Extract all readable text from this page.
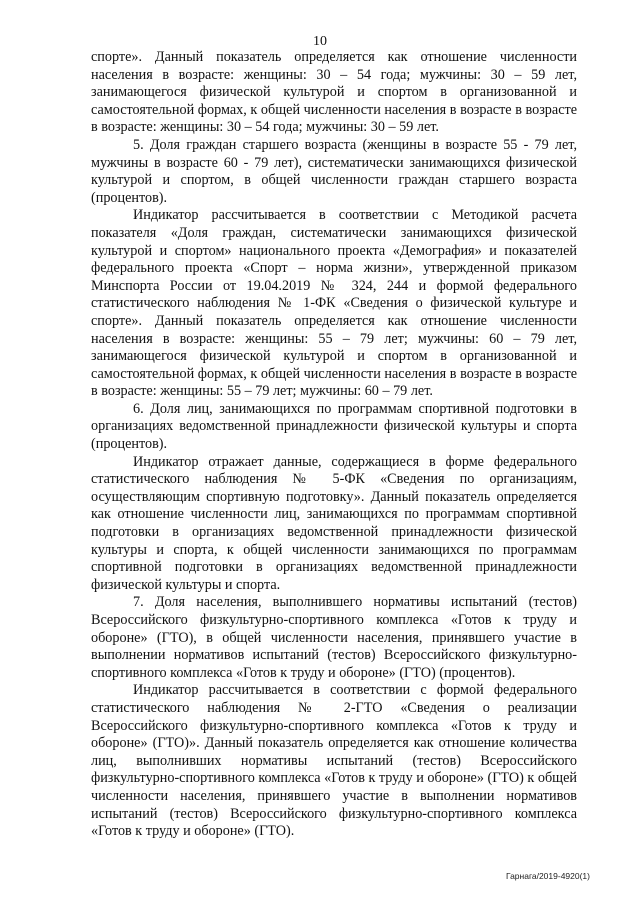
10

спорте». Данный показатель определяется как отношение численности населения в возрасте: женщины: 30 – 54 года; мужчины: 30 – 59 лет, занимающегося физической культурой и спортом в организованной и самостоятельной формах, к общей численности населения в возрасте в возрасте в возрасте: женщины: 30 – 54 года; мужчины: 30 – 59 лет.

5. Доля граждан старшего возраста (женщины в возрасте 55 - 79 лет, мужчины в возрасте 60 - 79 лет), систематически занимающихся физической культурой и спортом, в общей численности граждан старшего возраста (процентов).

Индикатор рассчитывается в соответствии с Методикой расчета показателя «Доля граждан, систематически занимающихся физической культурой и спортом» национального проекта «Демография» и показателей федерального проекта «Спорт – норма жизни», утвержденной приказом Минспорта России от 19.04.2019 № 324, 244 и формой федерального статистического наблюдения № 1-ФК «Сведения о физической культуре и спорте». Данный показатель определяется как отношение численности населения в возрасте: женщины: 55 – 79 лет; мужчины: 60 – 79 лет, занимающегося физической культурой и спортом в организованной и самостоятельной формах, к общей численности населения в возрасте в возрасте в возрасте: женщины: 55 – 79 лет; мужчины: 60 – 79 лет.

6. Доля лиц, занимающихся по программам спортивной подготовки в организациях ведомственной принадлежности физической культуры и спорта (процентов).

Индикатор отражает данные, содержащиеся в форме федерального статистического наблюдения № 5-ФК «Сведения по организациям, осуществляющим спортивную подготовку». Данный показатель определяется как отношение численности лиц, занимающихся по программам спортивной подготовки в организациях ведомственной принадлежности физической культуры и спорта, к общей численности занимающихся по программам спортивной подготовки в организациях ведомственной принадлежности физической культуры и спорта.

7. Доля населения, выполнившего нормативы испытаний (тестов) Всероссийского физкультурно-спортивного комплекса «Готов к труду и обороне» (ГТО), в общей численности населения, принявшего участие в выполнении нормативов испытаний (тестов) Всероссийского физкультурно-спортивного комплекса «Готов к труду и обороне» (ГТО) (процентов).

Индикатор рассчитывается в соответствии с формой федерального статистического наблюдения № 2-ГТО «Сведения о реализации Всероссийского физкультурно-спортивного комплекса «Готов к труду и обороне» (ГТО)». Данный показатель определяется как отношение количества лиц, выполнивших нормативы испытаний (тестов) Всероссийского физкультурно-спортивного комплекса «Готов к труду и обороне» (ГТО) к общей численности населения, принявшего участие в выполнении нормативов испытаний (тестов) Всероссийского физкультурно-спортивного комплекса «Готов к труду и обороне» (ГТО).

Гарнага/2019-4920(1)
